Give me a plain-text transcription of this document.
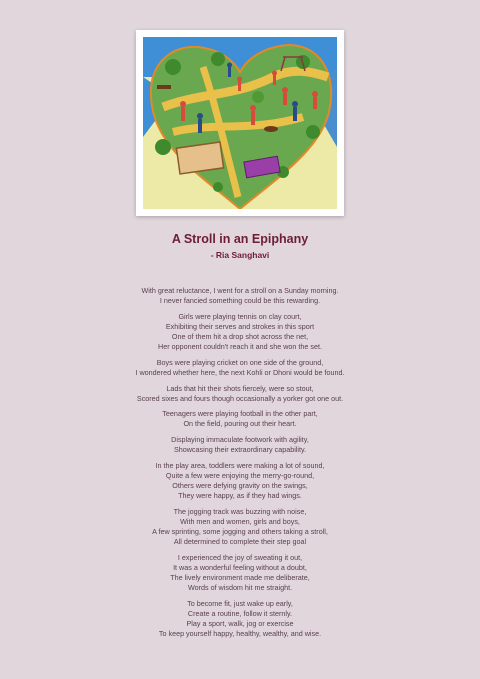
A Stroll in an Epiphany
- Ria Sanghavi
With great reluctance, I went for a stroll on a Sunday morning.
I never fancied something could be this rewarding.
Girls were playing tennis on clay court,
Exhibiting their serves and strokes in this sport
One of them hit a drop shot across the net,
Her opponent couldn't reach it and she won the set.
Boys were playing cricket on one side of the ground,
I wondered whether here, the next Kohli or Dhoni would be found.
Lads that hit their shots fiercely, were so stout,
Scored sixes and fours though occasionally a yorker got one out.
Teenagers were playing football in the other part,
On the field, pouring out their heart.
Displaying immaculate footwork with agility,
Showcasing their extraordinary capability.
In the play area, toddlers were making a lot of sound,
Quite a few were enjoying the merry-go-round,
Others were defying gravity on the swings,
They were happy, as if they had wings.
The jogging track was buzzing with noise,
With men and women, girls and boys,
A few sprinting, some jogging and others taking a stroll,
All determined to complete their step goal
I experienced the joy of sweating it out,
It was a wonderful feeling without a doubt,
The lively environment made me deliberate,
Words of wisdom hit me straight.
To become fit, just wake up early,
Create a routine, follow it sternly.
Play a sport, walk, jog or exercise
To keep yourself happy, healthy, wealthy, and wise.
